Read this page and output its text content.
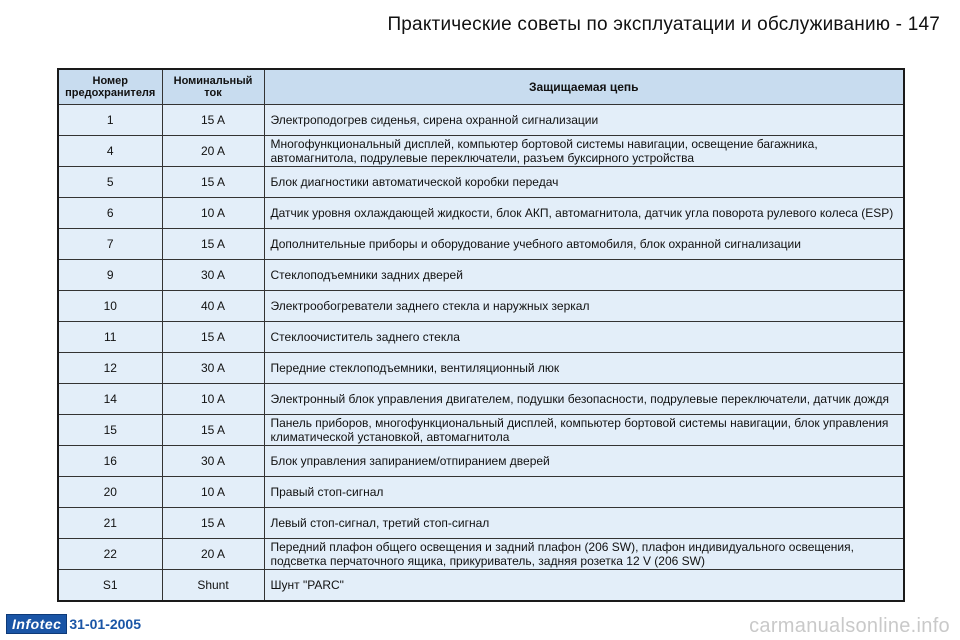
Практические советы по эксплуатации и обслуживанию - 147
Номер предохранителя	Номинальный ток	Защищаемая цепь
1	15 A	Электроподогрев сиденья, сирена охранной сигнализации
4	20 A	Многофункциональный дисплей, компьютер бортовой системы навигации, освещение багажника, автомагнитола, подрулевые переключатели, разъем буксирного устройства
5	15 A	Блок диагностики автоматической коробки передач
6	10 A	Датчик уровня охлаждающей жидкости, блок АКП, автомагнитола, датчик угла поворота рулевого колеса (ESP)
7	15 A	Дополнительные приборы и оборудование учебного автомобиля, блок охранной сигнализации
9	30 A	Стеклоподъемники задних дверей
10	40 A	Электрообогреватели заднего стекла и наружных зеркал
11	15 A	Стеклоочиститель заднего стекла
12	30 A	Передние стеклоподъемники, вентиляционный люк
14	10 A	Электронный блок управления двигателем, подушки безопасности, подрулевые переключатели, датчик дождя
15	15 A	Панель приборов, многофункциональный дисплей, компьютер бортовой системы навигации, блок управления климатической установкой, автомагнитола
16	30 A	Блок управления запиранием/отпиранием дверей
20	10 A	Правый стоп-сигнал
21	15 A	Левый стоп-сигнал, третий стоп-сигнал
22	20 A	Передний плафон общего освещения и задний плафон (206 SW), плафон индивидуального освещения, подсветка перчаточного ящика, прикуриватель, задняя розетка 12 V (206 SW)
S1	Shunt	Шунт "PARC"
Infotec 31-01-2005	carmanualsonline.info
